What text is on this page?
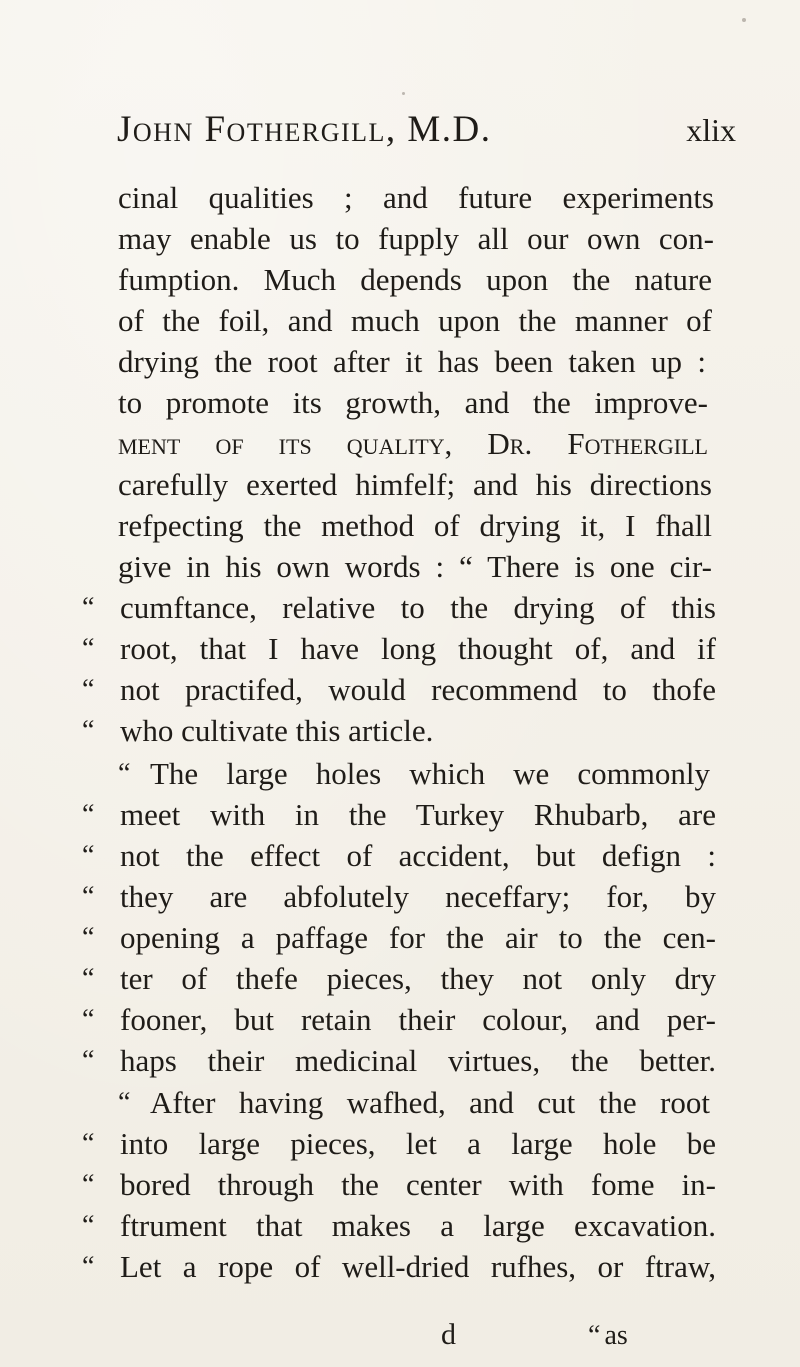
John Fothergill, M.D.	xlix
cinal qualities ; and future experiments
may enable us to fupply all our own con-
fumption. Much depends upon the nature
of the foil, and much upon the manner of
drying the root after it has been taken up :
to promote its growth, and the improve-
ment of its quality, Dr. Fothergill
carefully exerted himfelf; and his directions
refpecting the method of drying it, I fhall
give in his own words : “ There is one cir-
“ cumftance, relative to the drying of this
“ root, that I have long thought of, and if
“ not practifed, would recommend to thofe
“ who cultivate this article.
“ The large holes which we commonly
“ meet with in the Turkey Rhubarb, are
“ not the effect of accident, but defign :
“ they are abfolutely neceffary; for, by
“ opening a paffage for the air to the cen-
“ ter of thefe pieces, they not only dry
“ fooner, but retain their colour, and per-
“ haps their medicinal virtues, the better.
“ After having wafhed, and cut the root
“ into large pieces, let a large hole be
“ bored through the center with fome in-
“ ftrument that makes a large excavation.
“ Let a rope of well-dried rufhes, or ftraw,
d	“ as
